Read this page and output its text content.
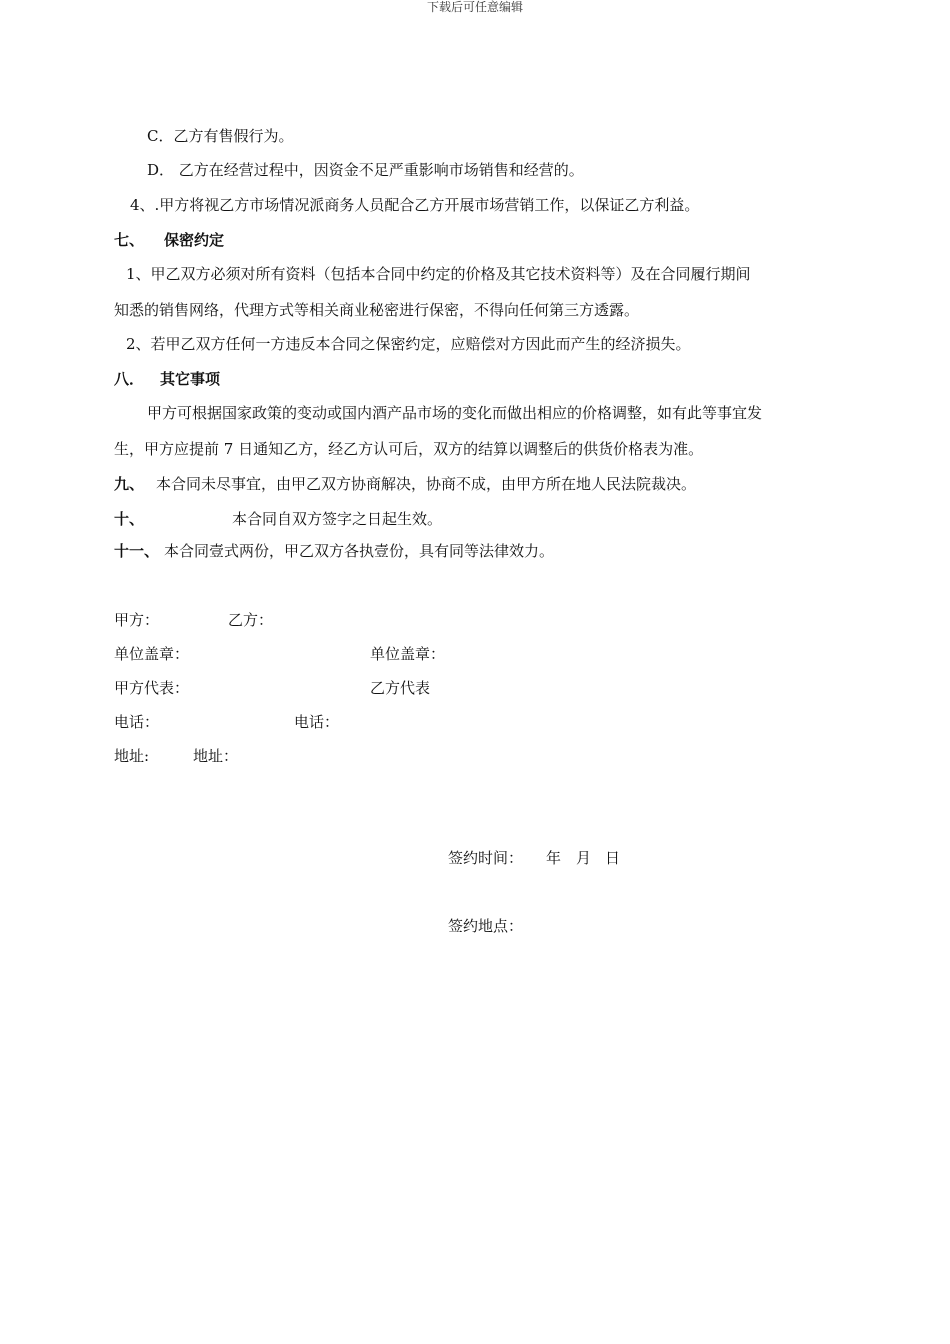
下载后可任意编辑
C．乙方有售假行为。
D． 乙方在经营过程中，因资金不足严重影响市场销售和经营的。
4、.甲方将视乙方市场情况派商务人员配合乙方开展市场营销工作，以保证乙方利益。
七、 保密约定
1、甲乙双方必须对所有资料（包括本合同中约定的价格及其它技术资料等）及在合同履行期间
知悉的销售网络，代理方式等相关商业秘密进行保密，不得向任何第三方透露。
2、若甲乙双方任何一方违反本合同之保密约定，应赔偿对方因此而产生的经济损失。
八． 其它事项
甲方可根据国家政策的变动或国内酒产品市场的变化而做出相应的价格调整，如有此等事宜发
生，甲方应提前 7 日通知乙方，经乙方认可后，双方的结算以调整后的供货价格表为准。
九、 本合同未尽事宜，由甲乙双方协商解决，协商不成，由甲方所在地人民法院裁决。
十、	本合同自双方签字之日起生效。
十一、 本合同壹式两份，甲乙双方各执壹份，具有同等法律效力。
甲方：	乙方：
单位盖章：	单位盖章：
甲方代表：	乙方代表
电话：	电话：
地址:	地址：
签约时间： 年 月 日
签约地点：
